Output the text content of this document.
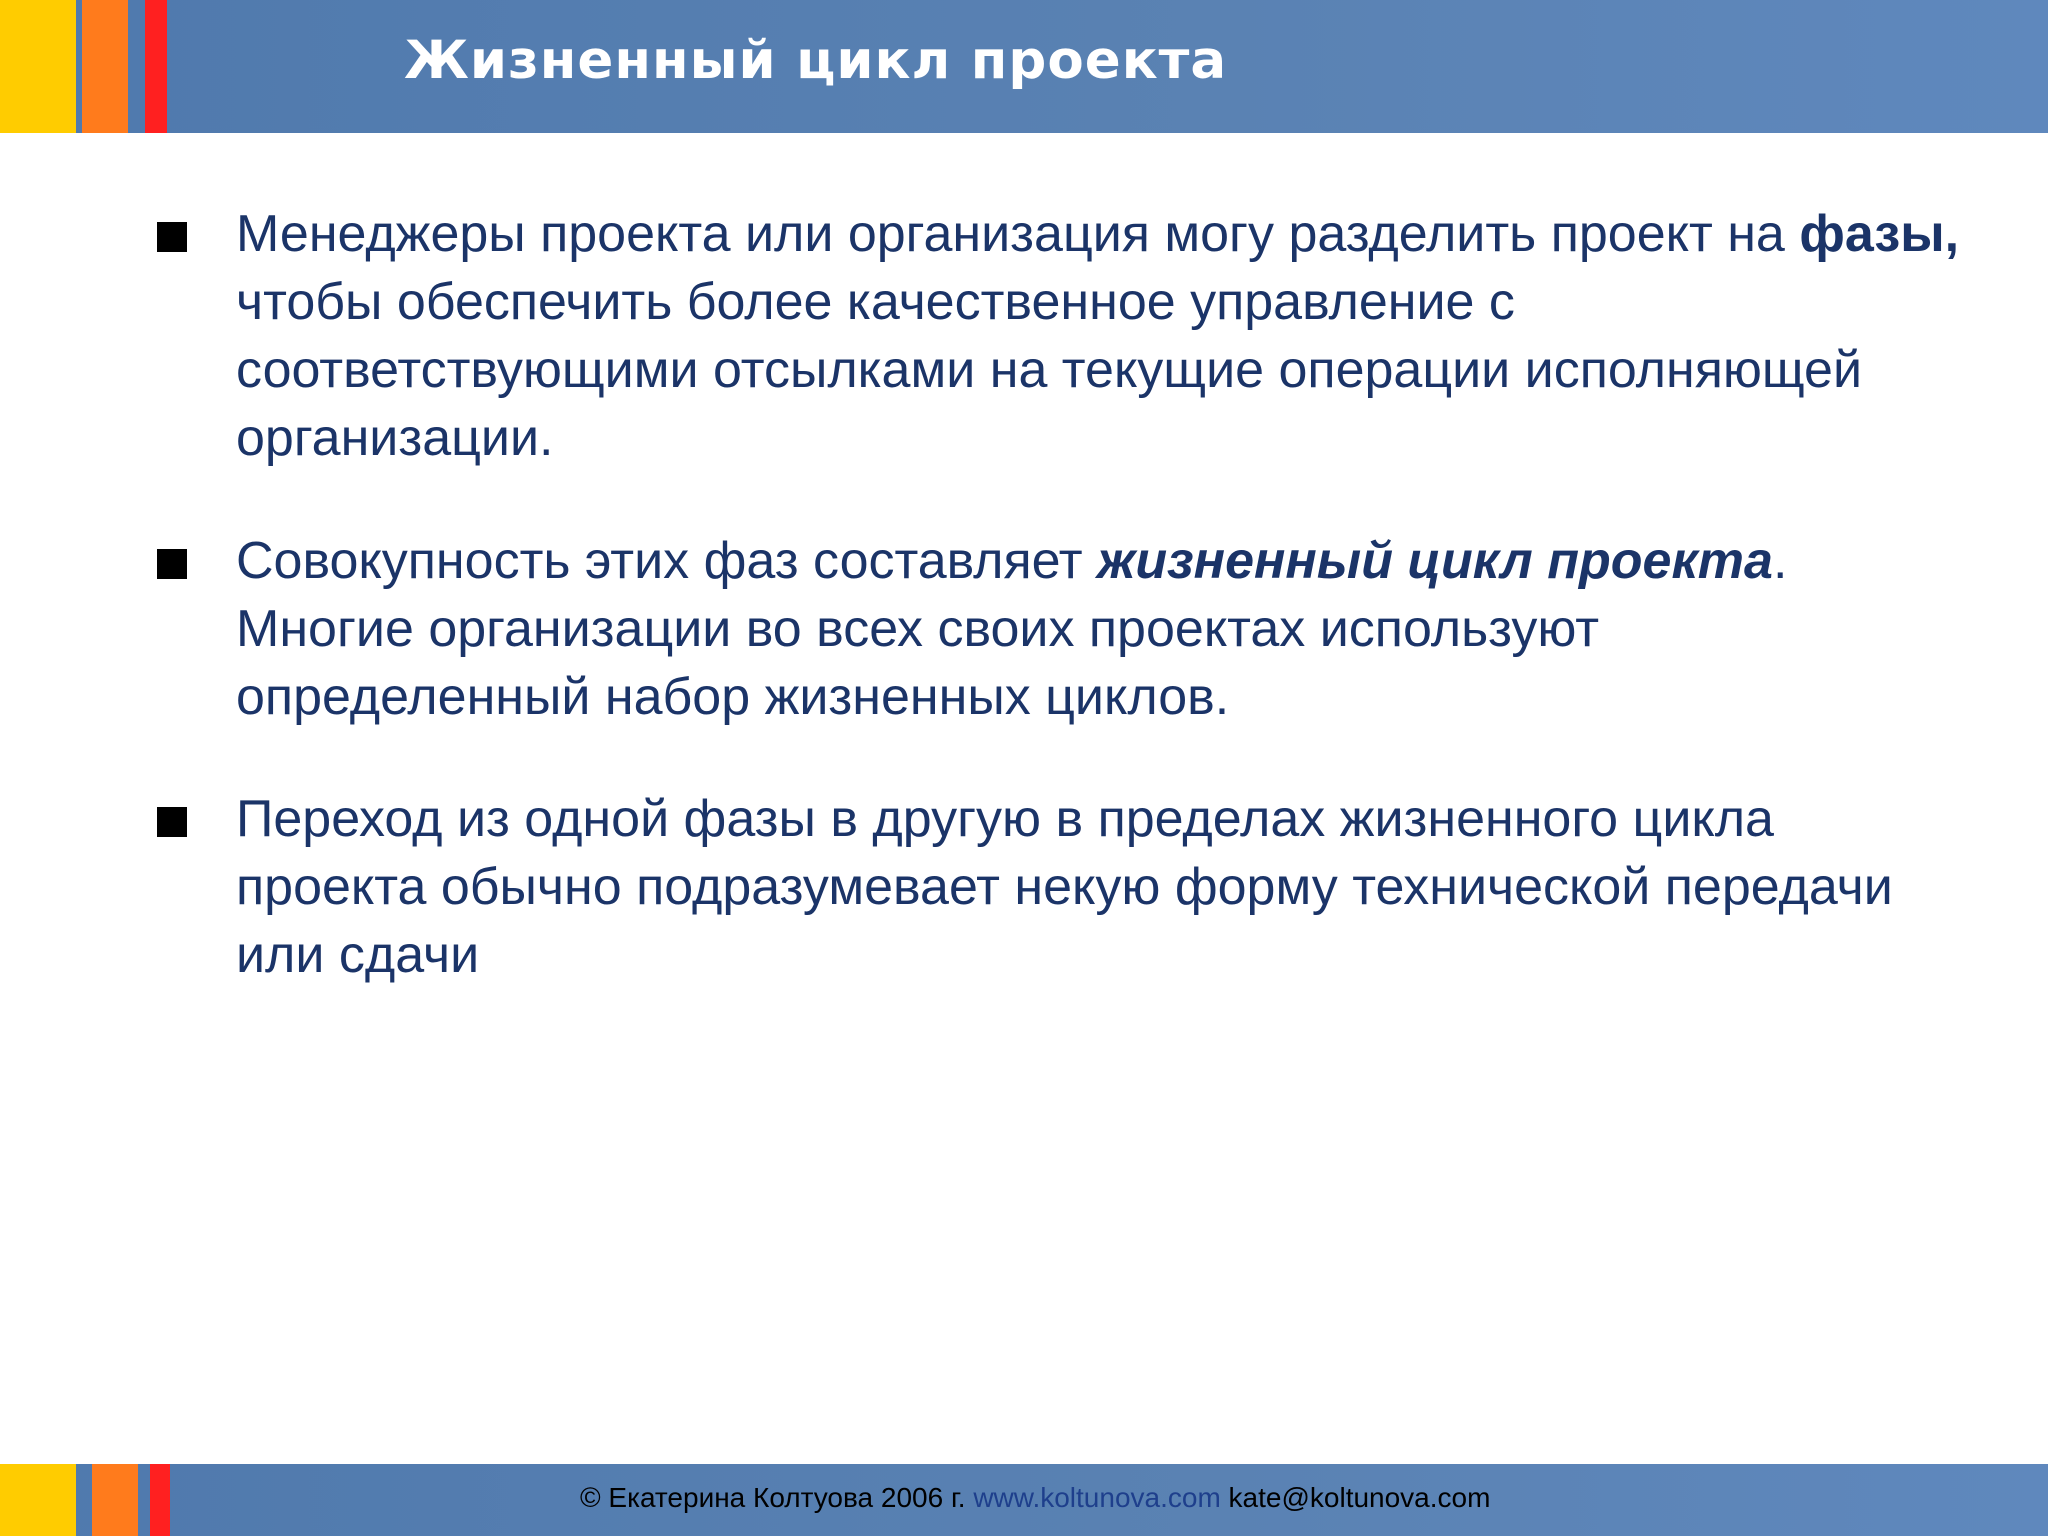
Жизненный цикл проекта
Менеджеры проекта или организация могу разделить проект на фазы, чтобы обеспечить более качественное управление с соответствующими отсылками на текущие операции исполняющей организации.
Совокупность этих фаз составляет жизненный цикл проекта. Многие организации во всех своих проектах используют определенный набор жизненных циклов.
Переход из одной фазы в другую в пределах жизненного цикла проекта обычно подразумевает некую форму технической передачи или сдачи
© Екатерина Колтуова 2006 г. www.koltunova.com kate@koltunova.com
